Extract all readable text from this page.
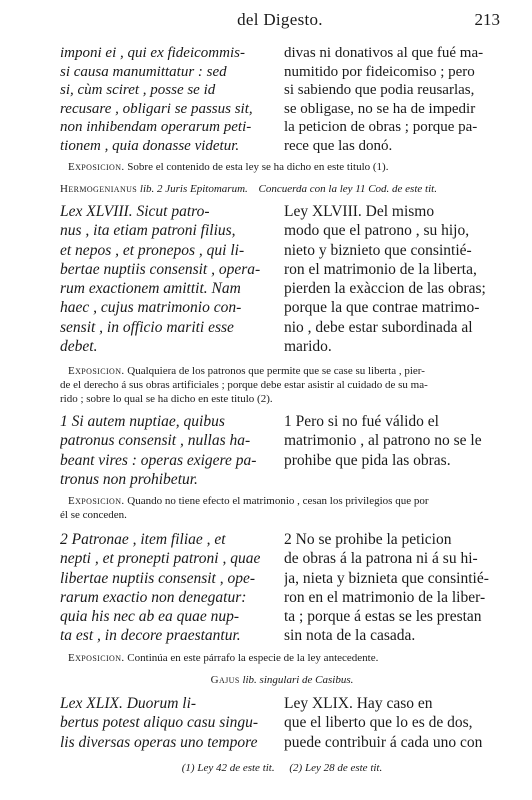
del Digesto.	213
imponi ei , qui ex fideicommis-
si causa manumittatur : sed
si, cùm sciret , posse se id
recusare , obligari se passus sit,
non inhibendam operarum peti-
tionem , quia donasse videtur.
divas ni donativos al que fué ma-
numitido por fideicomiso ; pero
si sabiendo que podia reusarlas,
se obligase, no se ha de impedir
la peticion de obras ; porque pa-
rece que las donó.
Exposicion. Sobre el contenido de esta ley se ha dicho en este titulo (1).
Hermogenianus lib. 2 Juris Epitomarum. Concuerda con la ley 11 Cod. de este tit.
Lex XLVIII. Sicut patro-
nus , ita etiam patroni filius,
et nepos , et pronepos , qui li-
bertae nuptiis consensit , opera-
rum exactionem amittit. Nam
haec , cujus matrimonio con-
sensit , in officio mariti esse
debet.
Ley XLVIII. Del mismo
modo que el patrono , su hijo,
nieto y biznieto que consintié-
ron el matrimonio de la liberta,
pierden la exàccion de las obras;
porque la que contrae matrimo-
nio , debe estar subordinada al
marido.
Exposicion. Qualquiera de los patronos que permite que se case su liberta , pier-
de el derecho á sus obras artificiales ; porque debe estar asistir al cuidado de su ma-
rido ; sobre lo qual se ha dicho en este titulo (2).
1 Si autem nuptiae, quibus
patronus consensit , nullas ha-
beant vires : operas exigere pa-
tronus non prohibetur.
1 Pero si no fué válido el
matrimonio , al patrono no se le
prohibe que pida las obras.
Exposicion. Quando no tiene efecto el matrimonio , cesan los privilegios que por
él se conceden.
2 Patronae , item filiae , et
nepti , et pronepti patroni , quae
libertae nuptiis consensit , ope-
rarum exactio non denegatur:
quia his nec ab ea quae nup-
ta est , in decore praestantur.
2 No se prohibe la peticion
de obras á la patrona ni á su hi-
ja, nieta y biznieta que consintié-
ron en el matrimonio de la liber-
ta ; porque á estas se les prestan
sin nota de la casada.
Exposicion. Continúa en este párrafo la especie de la ley antecedente.
Gajus lib. singulari de Casibus.
Lex XLIX. Duorum li-
bertus potest aliquo casu singu-
lis diversas operas uno tempore
Ley XLIX. Hay caso en
que el liberto que lo es de dos,
puede contribuir á cada uno con
(1) Ley 42 de este tit. (2) Ley 28 de este tit.
